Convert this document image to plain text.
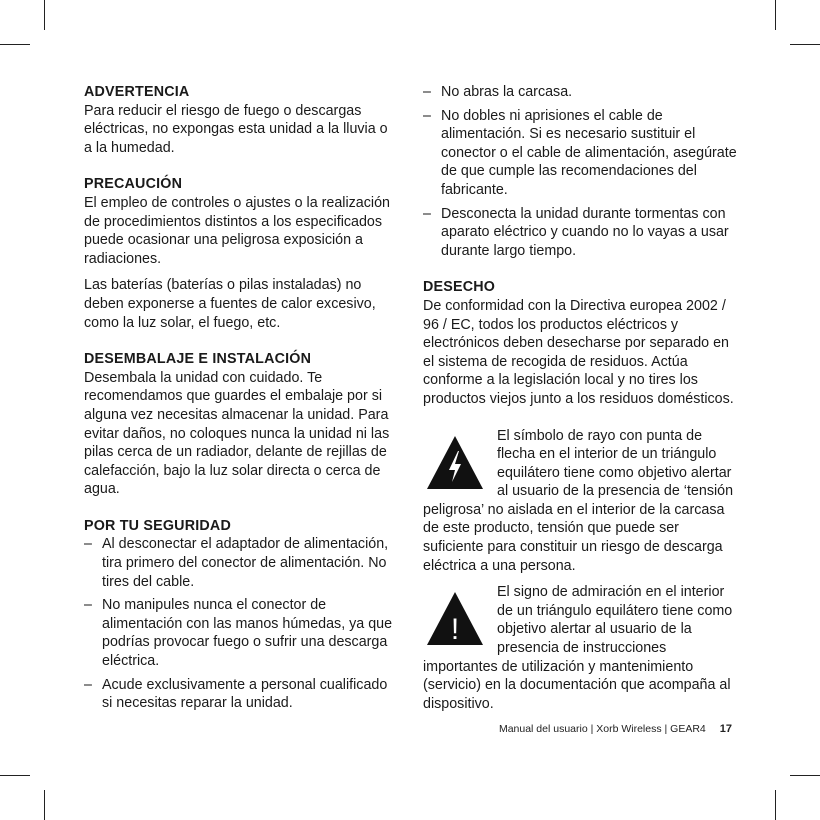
ADVERTENCIA

Para reducir el riesgo de fuego o descargas eléctricas, no expongas esta unidad a la lluvia o a la humedad.

PRECAUCIÓN

El empleo de controles o ajustes o la realización de procedimientos distintos a los especificados puede ocasionar una peligrosa exposición a radiaciones.

Las baterías (baterías o pilas instaladas) no deben exponerse a fuentes de calor excesivo, como la luz solar, el fuego, etc.

DESEMBALAJE E INSTALACIÓN

Desembala la unidad con cuidado. Te recomendamos que guardes el embalaje por si alguna vez necesitas almacenar la unidad. Para evitar daños, no coloques nunca la unidad ni las pilas cerca de un radiador, delante de rejillas de calefacción, bajo la luz solar directa o cerca de agua.

POR TU SEGURIDAD
– Al desconectar el adaptador de alimentación, tira primero del conector de alimentación. No tires del cable.
– No manipules nunca el conector de alimentación con las manos húmedas, ya que podrías provocar fuego o sufrir una descarga eléctrica.
– Acude exclusivamente a personal cualificado si necesitas reparar la unidad.
– No abras la carcasa.
– No dobles ni aprisiones el cable de alimentación. Si es necesario sustituir el conector o el cable de alimentación, asegúrate de que cumple las recomendaciones del fabricante.
– Desconecta la unidad durante tormentas con aparato eléctrico y cuando no lo vayas a usar durante largo tiempo.
DESECHO

De conformidad con la Directiva europea 2002 / 96 / EC, todos los productos eléctricos y electrónicos deben desecharse por separado en el sistema de recogida de residuos. Actúa conforme a la legislación local y no tires los productos viejos junto a los residuos domésticos.

El símbolo de rayo con punta de flecha en el interior de un triángulo equilátero tiene como objetivo alertar al usuario de la presencia de ‘tensión peligrosa’ no aislada en el interior de la carcasa de este producto, tensión que puede ser suficiente para constituir un riesgo de descarga eléctrica a una persona.
!
El signo de admiración en el interior de un triángulo equilátero tiene como objetivo alertar al usuario de la presencia de instrucciones importantes de utilización y mantenimiento (servicio) en la documentación que acompaña al dispositivo.
Manual del usuario | Xorb Wireless | GEAR4 17
